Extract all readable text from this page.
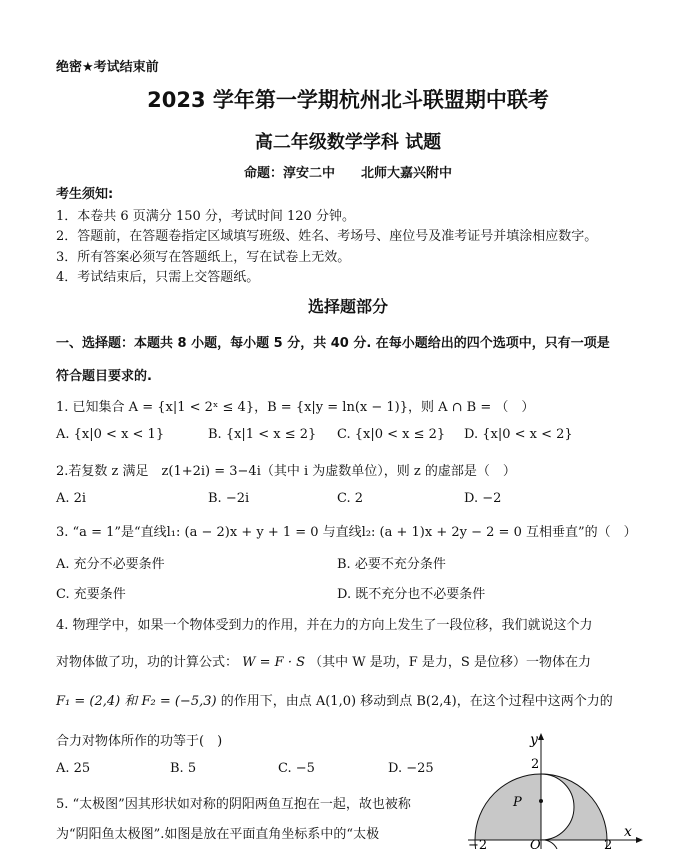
绝密★考试结束前
2023 学年第一学期杭州北斗联盟期中联考
高二年级数学学科 试题
命题：淳安二中　　北师大嘉兴附中
考生须知:
1．本卷共 6 页满分 150 分，考试时间 120 分钟。
2．答题前，在答题卷指定区域填写班级、姓名、考场号、座位号及准考证号并填涂相应数字。
3．所有答案必须写在答题纸上，写在试卷上无效。
4．考试结束后，只需上交答题纸。
选择题部分
一、选择题：本题共 8 小题，每小题 5 分，共 40 分. 在每小题给出的四个选项中，只有一项是
符合题目要求的.
1. 已知集合 A = {x|1 < 2ˣ ≤ 4}，B = {x|y = ln(x − 1)}，则 A ∩ B = （　）
A. {x|0 < x < 1}	B. {x|1 < x ≤ 2} C. {x|0 < x ≤ 2} D. {x|0 < x < 2}
2.若复数 z 满足　z(1+2i) = 3−4i（其中 i 为虚数单位），则 z 的虚部是（　）
A. 2i	B. −2i	C. 2	D. −2
3. “a = 1”是“直线l₁: (a − 2)x + y + 1 = 0 与直线l₂: (a + 1)x + 2y − 2 = 0 互相垂直”的（　）
A. 充分不必要条件	B. 必要不充分条件
C. 充要条件	D. 既不充分也不必要条件
4. 物理学中，如果一个物体受到力的作用，并在力的方向上发生了一段位移，我们就说这个力
对物体做了功，功的计算公式： W = F · S （其中 W 是功，F 是力，S 是位移）一物体在力
F₁ = (2,4) 和 F₂ = (−5,3) 的作用下，由点 A(1,0) 移动到点 B(2,4)，在这个过程中这两个力的
合力对物体所作的功等于(　)
A. 25	B. 5	C. −5	D. −25
5. “太极图”因其形状如对称的阴阳两鱼互抱在一起，故也被称
为“阴阳鱼太极图”.如图是放在平面直角坐标系中的“太极
y
x
P
2
2
−2	O
